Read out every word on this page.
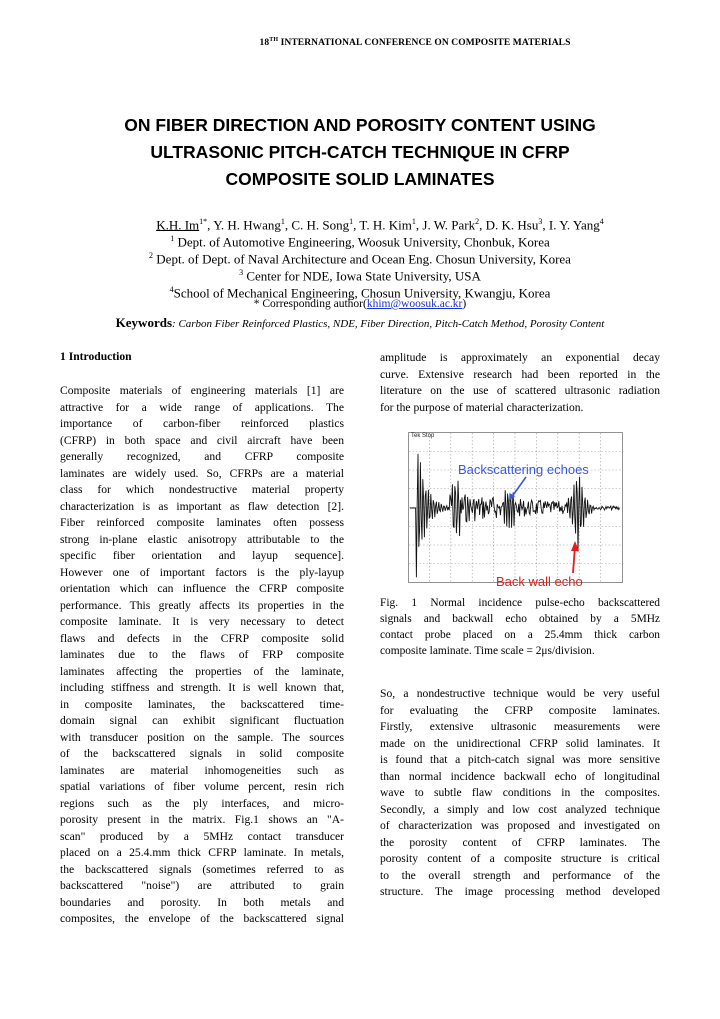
18TH INTERNATIONAL CONFERENCE ON COMPOSITE MATERIALS
ON FIBER DIRECTION AND POROSITY CONTENT USING
ULTRASONIC PITCH-CATCH TECHNIQUE IN CFRP
COMPOSITE SOLID LAMINATES
K.H. $Im^{1*}$, Y. H. Hwang$^1$, C. H. Song$^1$, T. H. Kim$^1$, J. W. Park$^2$, D. K. Hsu$^3$, I. Y. Yang$^4$
$^1$ Dept. of Automotive Engineering, Woosuk University, Chonbuk, Korea
$^2$ Dept. of Dept. of Naval Architecture and Ocean Eng. Chosun University, Korea
$^3$ Center for NDE, Iowa State University, USA
$^4$School of Mechanical Engineering, Chosun University, Kwangju, Korea
* Corresponding author(khim@woosuk.ac.kr)
Keywords: Carbon Fiber Reinforced Plastics, NDE, Fiber Direction, Pitch-Catch Method, Porosity Content
1 Introduction
Composite materials of engineering materials [1] are
attractive for a wide range of applications. The
importance of carbon-fiber reinforced plastics
(CFRP) in both space and civil aircraft have been
generally recognized, and CFRP composite
laminates are widely used. So, CFRPs are a material
class for which nondestructive material property
characterization is as important as flaw detection [2].
Fiber reinforced composite laminates often possess
strong in-plane elastic anisotropy attributable to the
specific fiber orientation and layup sequence].
However one of important factors is the ply-layup
orientation which can influence the CFRP composite
performance. This greatly affects its properties in the
composite laminate. It is very necessary to detect
flaws and defects in the CFRP composite solid
laminates due to the flaws of FRP composite
laminates affecting the properties of the laminate,
including stiffness and strength. It is well known that,
in composite laminates, the backscattered time-
domain signal can exhibit significant fluctuation
with transducer position on the sample. The sources
of the backscattered signals in solid composite
laminates are material inhomogeneities such as
spatial variations of fiber volume percent, resin rich
regions such as the ply interfaces, and micro-
porosity present in the matrix. Fig.1 shows an "A-
scan" produced by a 5MHz contact transducer
placed on a 25.4.mm thick CFRP laminate. In metals,
the backscattered signals (sometimes referred to as
backscattered "noise") are attributed to grain
boundaries and porosity. In both metals and
composites, the envelope of the backscattered signal
amplitude is approximately an exponential decay
curve. Extensive research had been reported in the
literature on the use of scattered ultrasonic radiation
for the purpose of material characterization.
Tek Stop
Backscattering echoes
Back wall echo
Fig. 1 Normal incidence pulse-echo backscattered
signals and backwall echo obtained by a 5MHz
contact probe placed on a 25.4mm thick carbon
composite laminate. Time scale = 2μs/division.
So, a nondestructive technique would be very useful
for evaluating the CFRP composite laminates.
Firstly, extensive ultrasonic measurements were
made on the unidirectional CFRP solid laminates. It
is found that a pitch-catch signal was more sensitive
than normal incidence backwall echo of longitudinal
wave to subtle flaw conditions in the composites.
Secondly, a simply and low cost analyzed technique
of characterization was proposed and investigated on
the porosity content of CFRP laminates. The
porosity content of a composite structure is critical
to the overall strength and performance of the
structure. The image processing method developed
